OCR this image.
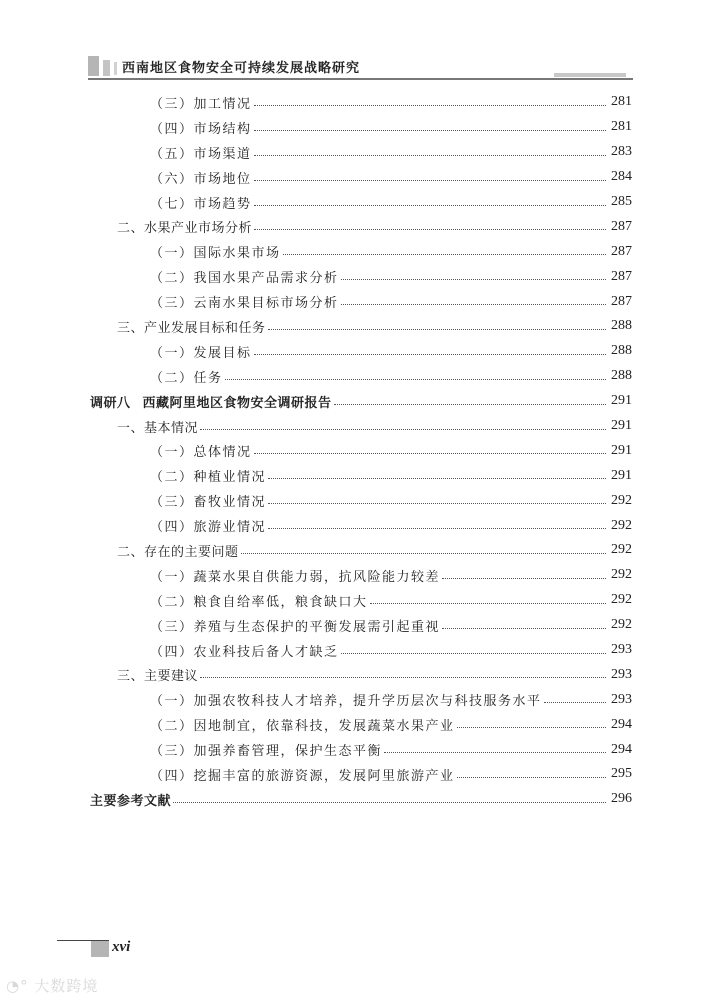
西南地区食物安全可持续发展战略研究
（三）加工情况	281
（四）市场结构	281
（五）市场渠道	283
（六）市场地位	284
（七）市场趋势	285
二、水果产业市场分析	287
（一）国际水果市场	287
（二）我国水果产品需求分析	287
（三）云南水果目标市场分析	287
三、产业发展目标和任务	288
（一）发展目标	288
（二）任务	288
调研八 西藏阿里地区食物安全调研报告	291
一、基本情况	291
（一）总体情况	291
（二）种植业情况	291
（三）畜牧业情况	292
（四）旅游业情况	292
二、存在的主要问题	292
（一）蔬菜水果自供能力弱，抗风险能力较差	292
（二）粮食自给率低，粮食缺口大	292
（三）养殖与生态保护的平衡发展需引起重视	292
（四）农业科技后备人才缺乏	293
三、主要建议	293
（一）加强农牧科技人才培养，提升学历层次与科技服务水平	293
（二）因地制宜，依靠科技，发展蔬菜水果产业	294
（三）加强养畜管理，保护生态平衡	294
（四）挖掘丰富的旅游资源，发展阿里旅游产业	295
主要参考文献	296
xvi
◔° 大数跨境
